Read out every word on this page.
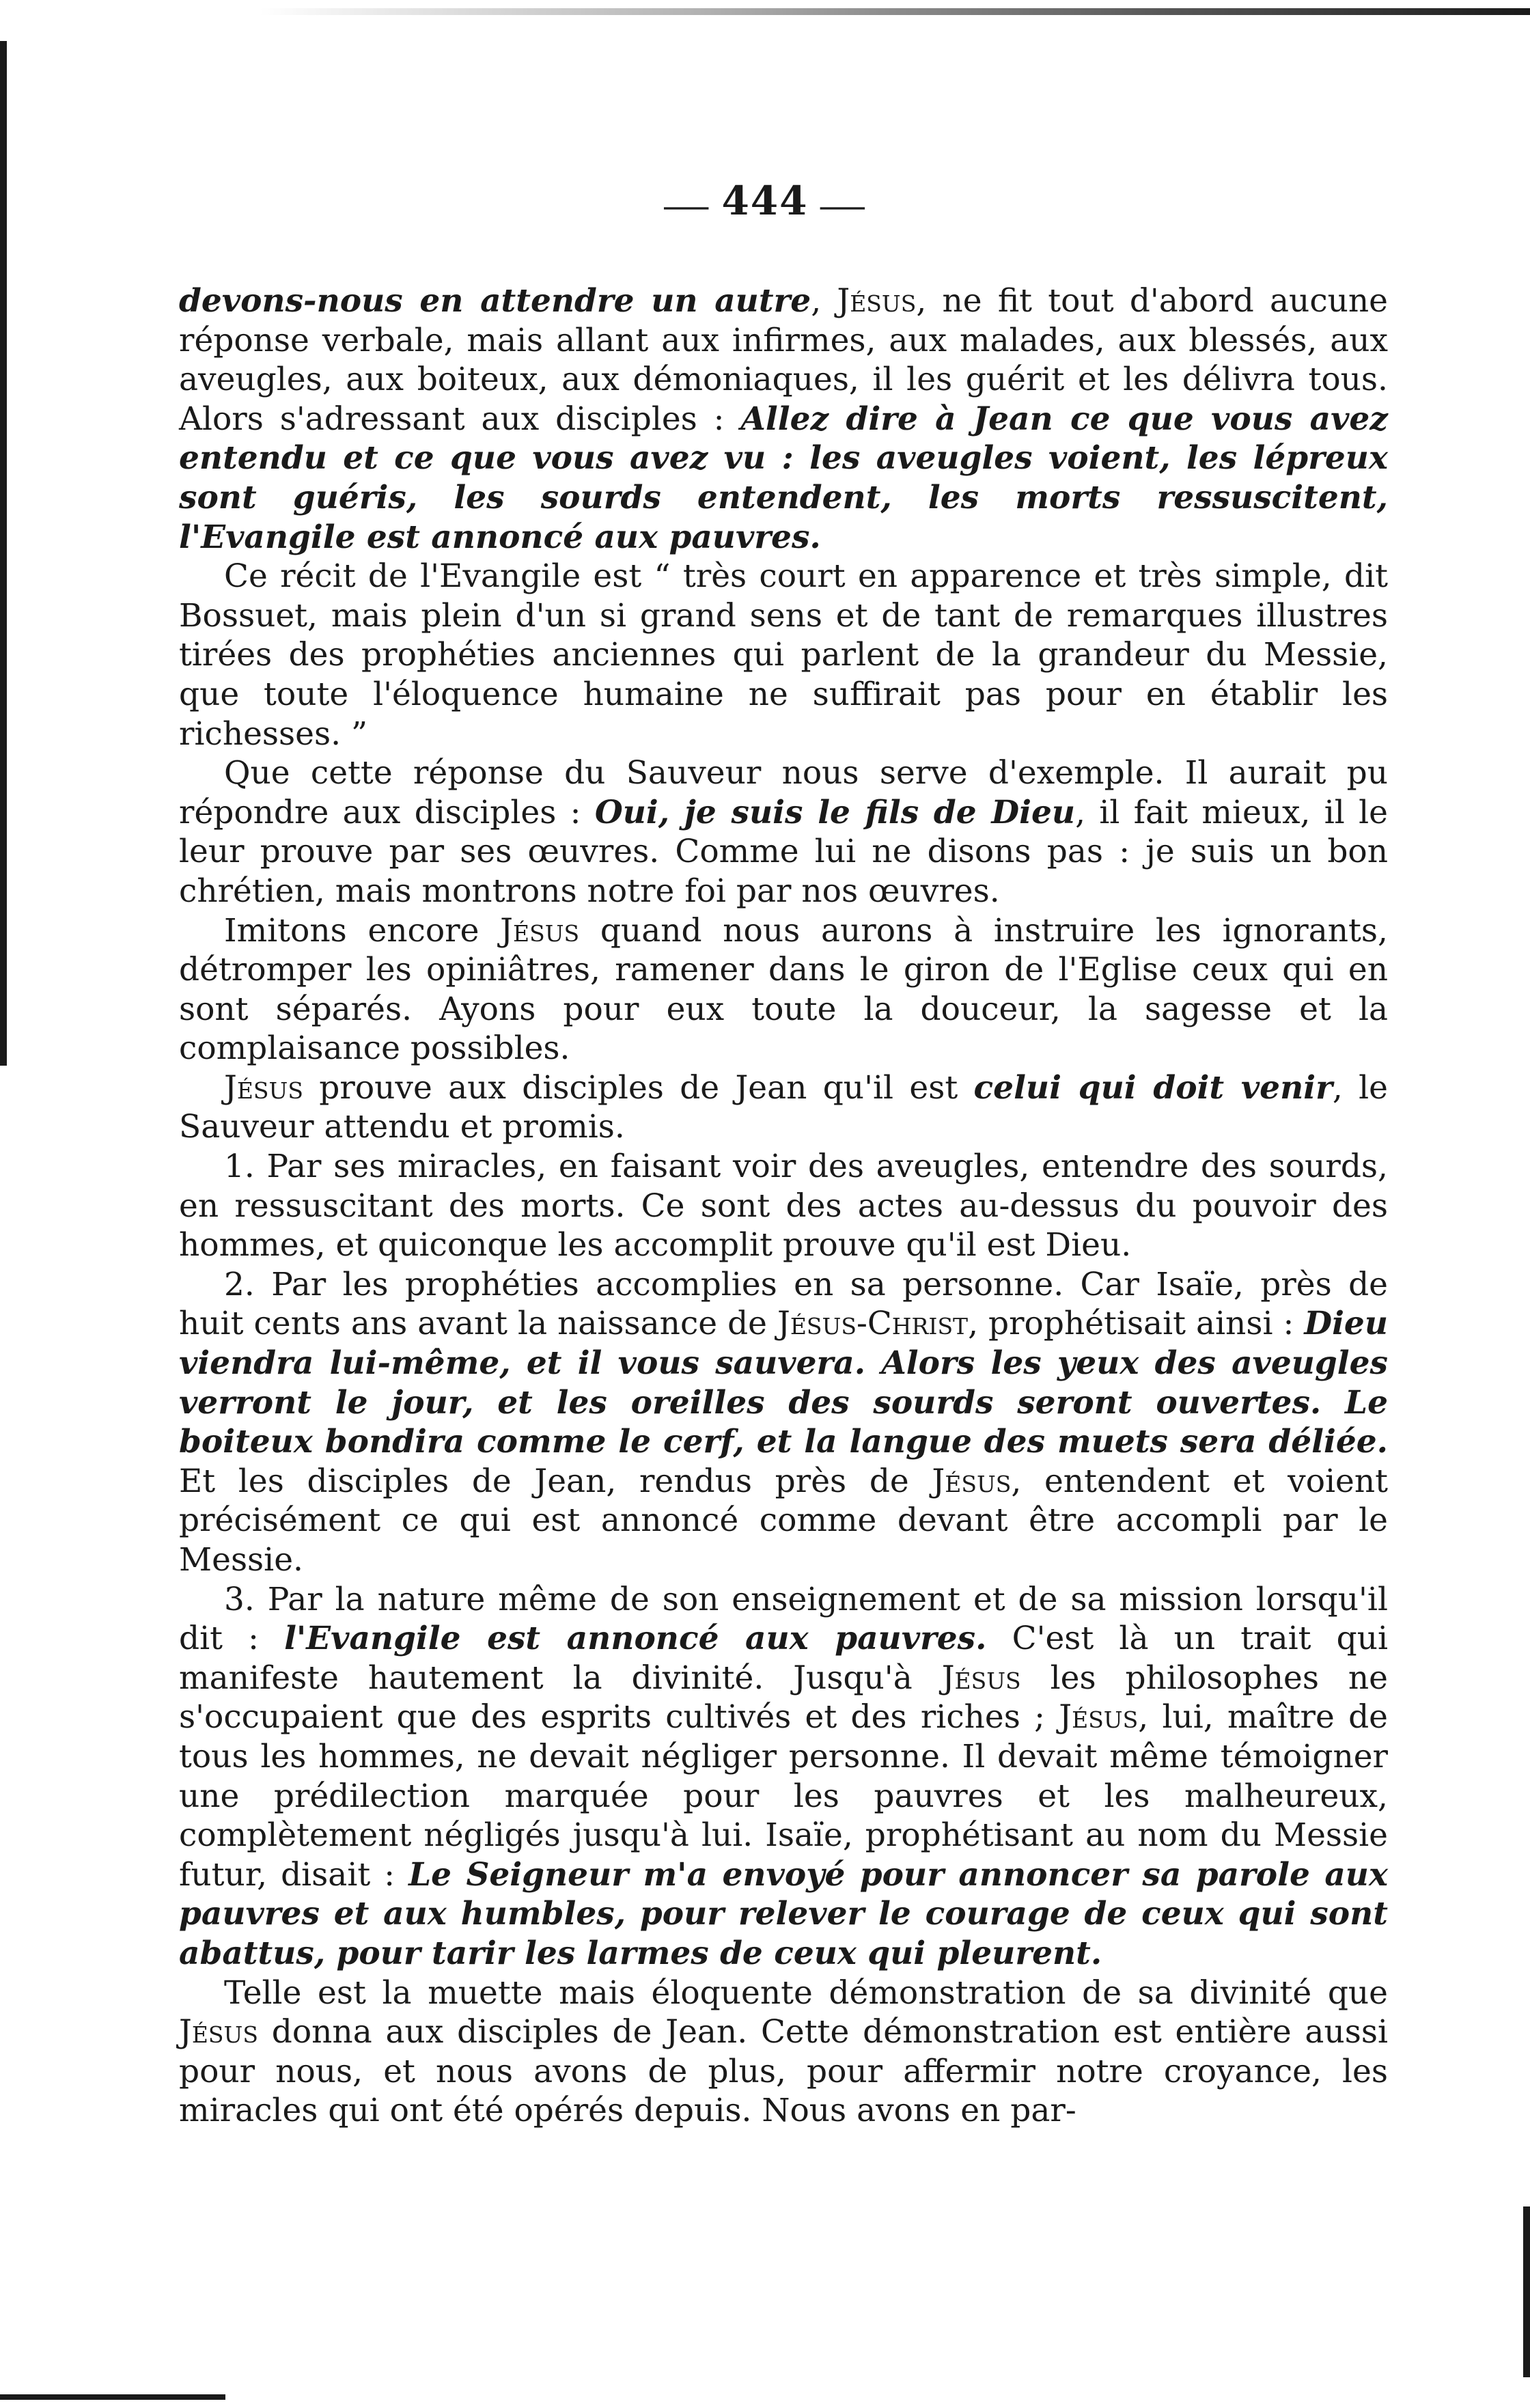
⸺ 444 ⸺

devons-nous en attendre un autre, Jésus, ne fit tout d'abord aucune réponse verbale, mais allant aux infirmes, aux malades, aux blessés, aux aveugles, aux boiteux, aux démoniaques, il les guérit et les délivra tous. Alors s'adressant aux disciples : Allez dire à Jean ce que vous avez entendu et ce que vous avez vu : les aveugles voient, les lépreux sont guéris, les sourds entendent, les morts ressuscitent, l'Evangile est annoncé aux pauvres.

Ce récit de l'Evangile est “ très court en apparence et très simple, dit Bossuet, mais plein d'un si grand sens et de tant de remarques illustres tirées des prophéties anciennes qui parlent de la grandeur du Messie, que toute l'éloquence humaine ne suffirait pas pour en établir les richesses. ”

Que cette réponse du Sauveur nous serve d'exemple. Il aurait pu répondre aux disciples : Oui, je suis le fils de Dieu, il fait mieux, il le leur prouve par ses œuvres. Comme lui ne disons pas : je suis un bon chrétien, mais montrons notre foi par nos œuvres.

Imitons encore Jésus quand nous aurons à instruire les ignorants, détromper les opiniâtres, ramener dans le giron de l'Eglise ceux qui en sont séparés. Ayons pour eux toute la douceur, la sagesse et la complaisance possibles.

Jésus prouve aux disciples de Jean qu'il est celui qui doit venir, le Sauveur attendu et promis.

1. Par ses miracles, en faisant voir des aveugles, entendre des sourds, en ressuscitant des morts. Ce sont des actes au-dessus du pouvoir des hommes, et quiconque les accomplit prouve qu'il est Dieu.

2. Par les prophéties accomplies en sa personne. Car Isaïe, près de huit cents ans avant la naissance de Jésus-Christ, prophétisait ainsi : Dieu viendra lui-même, et il vous sauvera. Alors les yeux des aveugles verront le jour, et les oreilles des sourds seront ouvertes. Le boiteux bondira comme le cerf, et la langue des muets sera déliée. Et les disciples de Jean, rendus près de Jésus, entendent et voient précisément ce qui est annoncé comme devant être accompli par le Messie.

3. Par la nature même de son enseignement et de sa mission lorsqu'il dit : l'Evangile est annoncé aux pauvres. C'est là un trait qui manifeste hautement la divinité. Jusqu'à Jésus les philosophes ne s'occupaient que des esprits cultivés et des riches ; Jésus, lui, maître de tous les hommes, ne devait négliger personne. Il devait même témoigner une prédilection marquée pour les pauvres et les malheureux, complètement négligés jusqu'à lui. Isaïe, prophétisant au nom du Messie futur, disait : Le Seigneur m'a envoyé pour annoncer sa parole aux pauvres et aux humbles, pour relever le courage de ceux qui sont abattus, pour tarir les larmes de ceux qui pleurent.

Telle est la muette mais éloquente démonstration de sa divinité que Jésus donna aux disciples de Jean. Cette démonstration est entière aussi pour nous, et nous avons de plus, pour affermir notre croyance, les miracles qui ont été opérés depuis. Nous avons en par-
